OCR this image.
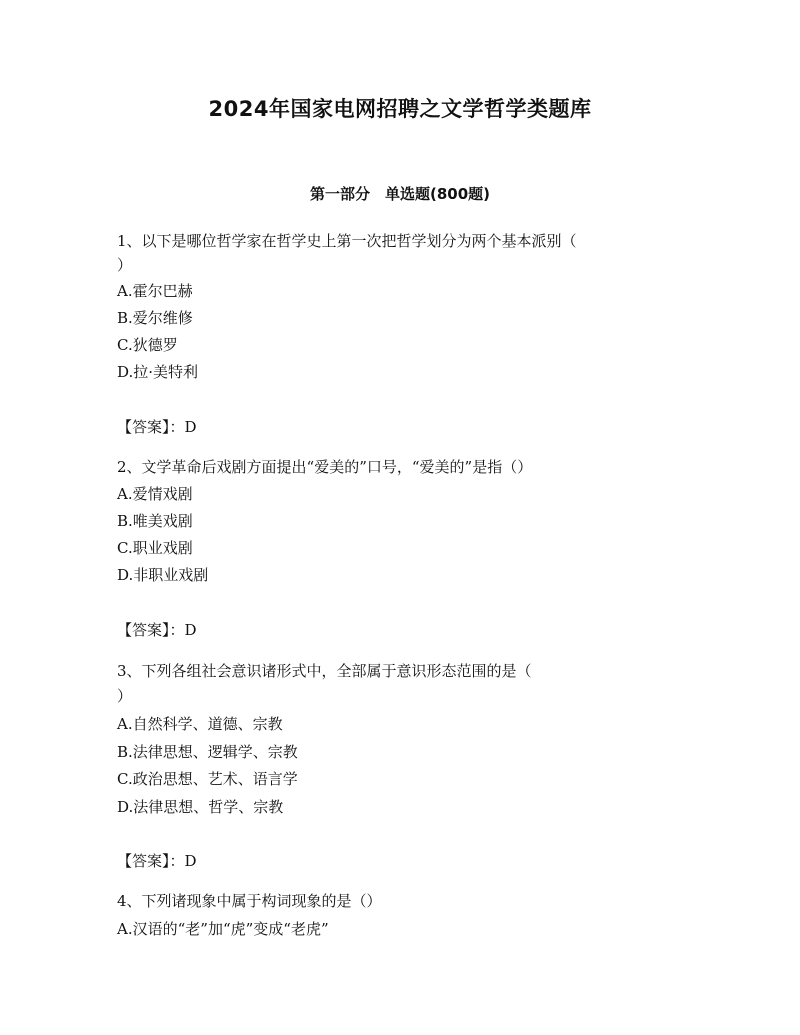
2024年国家电网招聘之文学哲学类题库
第一部分　单选题(800题)
1、以下是哪位哲学家在哲学史上第一次把哲学划分为两个基本派别（
）
A.霍尔巴赫
B.爱尔维修
C.狄德罗
D.拉·美特利
【答案】：D
2、文学革命后戏剧方面提出“爱美的”口号，“爱美的”是指（）
A.爱情戏剧
B.唯美戏剧
C.职业戏剧
D.非职业戏剧
【答案】：D
3、下列各组社会意识诸形式中，全部属于意识形态范围的是（
）
A.自然科学、道德、宗教
B.法律思想、逻辑学、宗教
C.政治思想、艺术、语言学
D.法律思想、哲学、宗教
【答案】：D
4、下列诸现象中属于构词现象的是（）
A.汉语的“老”加“虎”变成“老虎”
